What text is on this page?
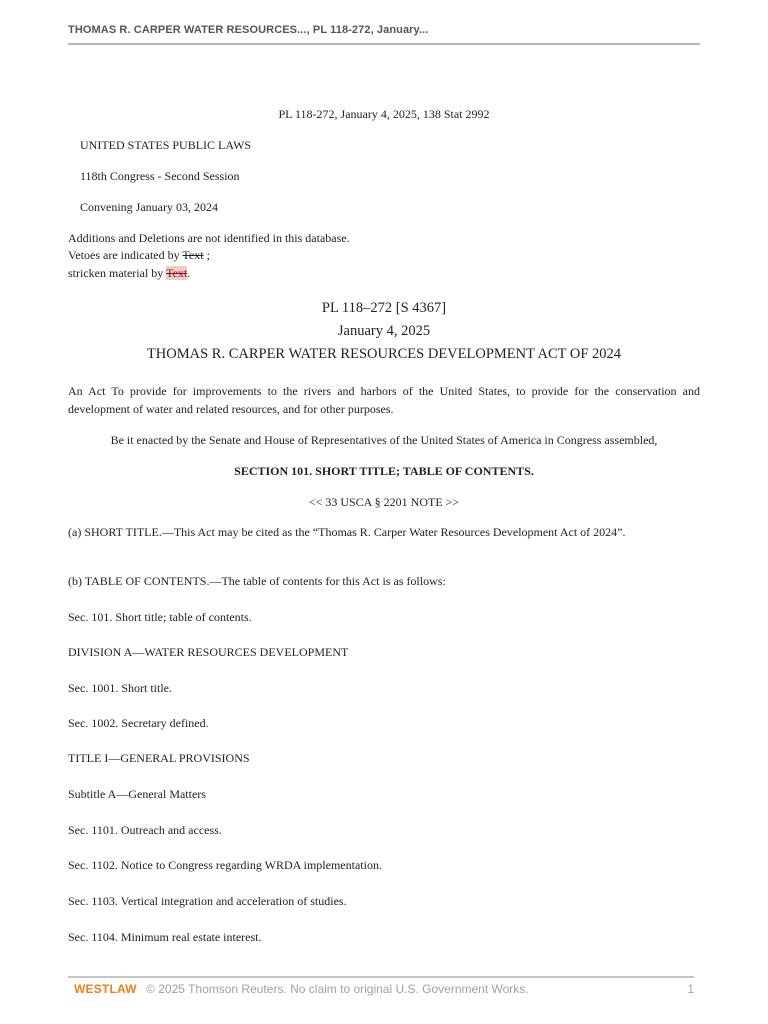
THOMAS R. CARPER WATER RESOURCES..., PL 118-272, January...
PL 118-272, January 4, 2025, 138 Stat 2992
UNITED STATES PUBLIC LAWS
118th Congress - Second Session
Convening January 03, 2024
Additions and Deletions are not identified in this database.
Vetoes are indicated by Text ;
stricken material by Text.
PL 118–272 [S 4367]
January 4, 2025
THOMAS R. CARPER WATER RESOURCES DEVELOPMENT ACT OF 2024
An Act To provide for improvements to the rivers and harbors of the United States, to provide for the conservation and development of water and related resources, and for other purposes.
Be it enacted by the Senate and House of Representatives of the United States of America in Congress assembled,
SECTION 101. SHORT TITLE; TABLE OF CONTENTS.
<< 33 USCA § 2201 NOTE >>
(a) SHORT TITLE.—This Act may be cited as the “Thomas R. Carper Water Resources Development Act of 2024”.
(b) TABLE OF CONTENTS.—The table of contents for this Act is as follows:
Sec. 101. Short title; table of contents.
DIVISION A—WATER RESOURCES DEVELOPMENT
Sec. 1001. Short title.
Sec. 1002. Secretary defined.
TITLE I—GENERAL PROVISIONS
Subtitle A—General Matters
Sec. 1101. Outreach and access.
Sec. 1102. Notice to Congress regarding WRDA implementation.
Sec. 1103. Vertical integration and acceleration of studies.
Sec. 1104. Minimum real estate interest.
WESTLAW © 2025 Thomson Reuters. No claim to original U.S. Government Works.	1
